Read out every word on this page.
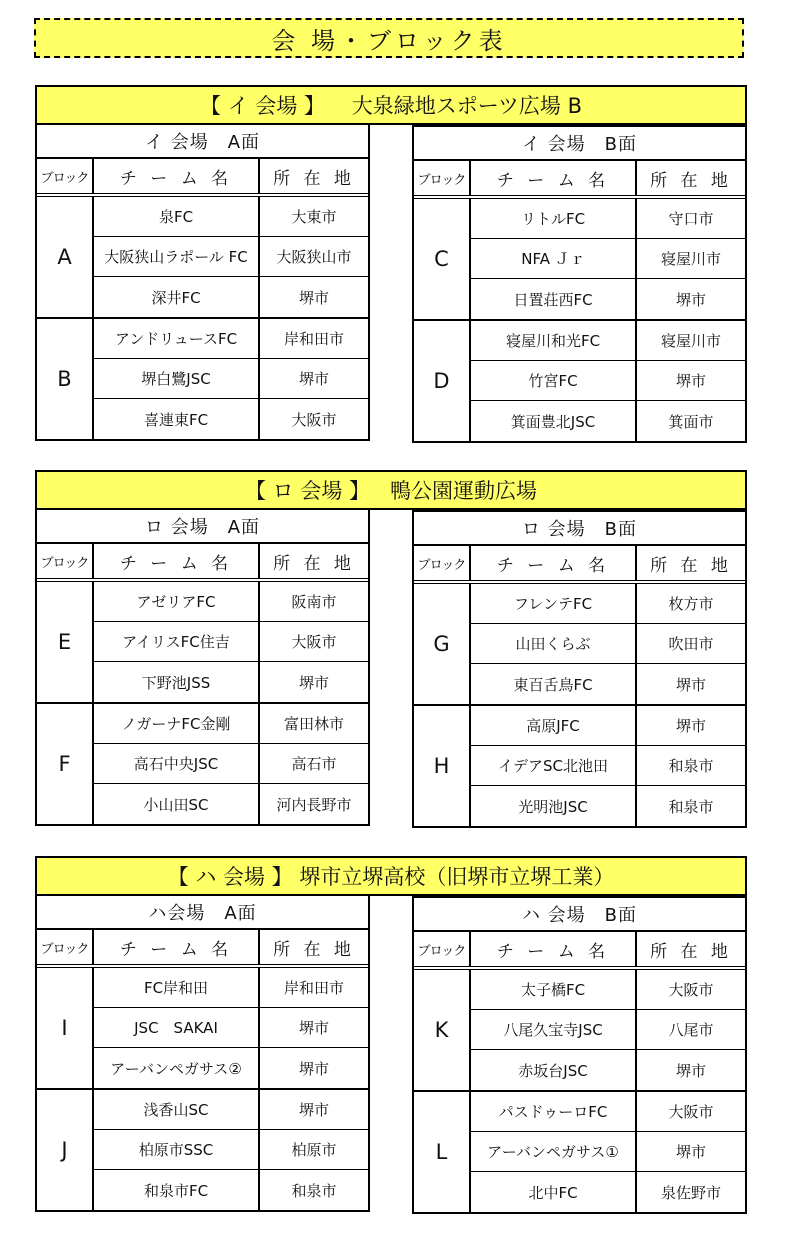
会 場・ブロック表
【 イ 会場 】    大泉緑地スポーツ広場 B
イ 会場　A面
ブロック	チ ー ム 名	所 在 地
A
泉FC	大東市
大阪狭山ラポール FC	大阪狭山市
深井FC	堺市
B
アンドリュースFC	岸和田市
堺白鷺JSC	堺市
喜連東FC	大阪市
イ 会場　B面
ブロック	チ ー ム 名	所 在 地
C
リトルFC	守口市
NFA Ｊｒ	寝屋川市
日置荘西FC	堺市
D
寝屋川和光FC	寝屋川市
竹宮FC	堺市
箕面豊北JSC	箕面市
【 ロ 会場 】   鴨公園運動広場
ロ 会場　A面
ブロック	チ ー ム 名	所 在 地
E
アゼリアFC	阪南市
アイリスFC住吉	大阪市
下野池JSS	堺市
F
ノガーナFC金剛	富田林市
高石中央JSC	高石市
小山田SC	河内長野市
ロ 会場　B面
ブロック	チ ー ム 名	所 在 地
G
フレンテFC	枚方市
山田くらぶ	吹田市
東百舌鳥FC	堺市
H
高原JFC	堺市
イデアSC北池田	和泉市
光明池JSC	和泉市
【 ハ 会場 】 堺市立堺高校（旧堺市立堺工業）
ハ会場　A面
ブロック	チ ー ム 名	所 在 地
I
FC岸和田	岸和田市
JSC　SAKAI	堺市
アーバンペガサス②	堺市
J
浅香山SC	堺市
柏原市SSC	柏原市
和泉市FC	和泉市
ハ 会場　B面
ブロック	チ ー ム 名	所 在 地
K
太子橋FC	大阪市
八尾久宝寺JSC	八尾市
赤坂台JSC	堺市
L
パスドゥーロFC	大阪市
アーバンペガサス①	堺市
北中FC	泉佐野市
